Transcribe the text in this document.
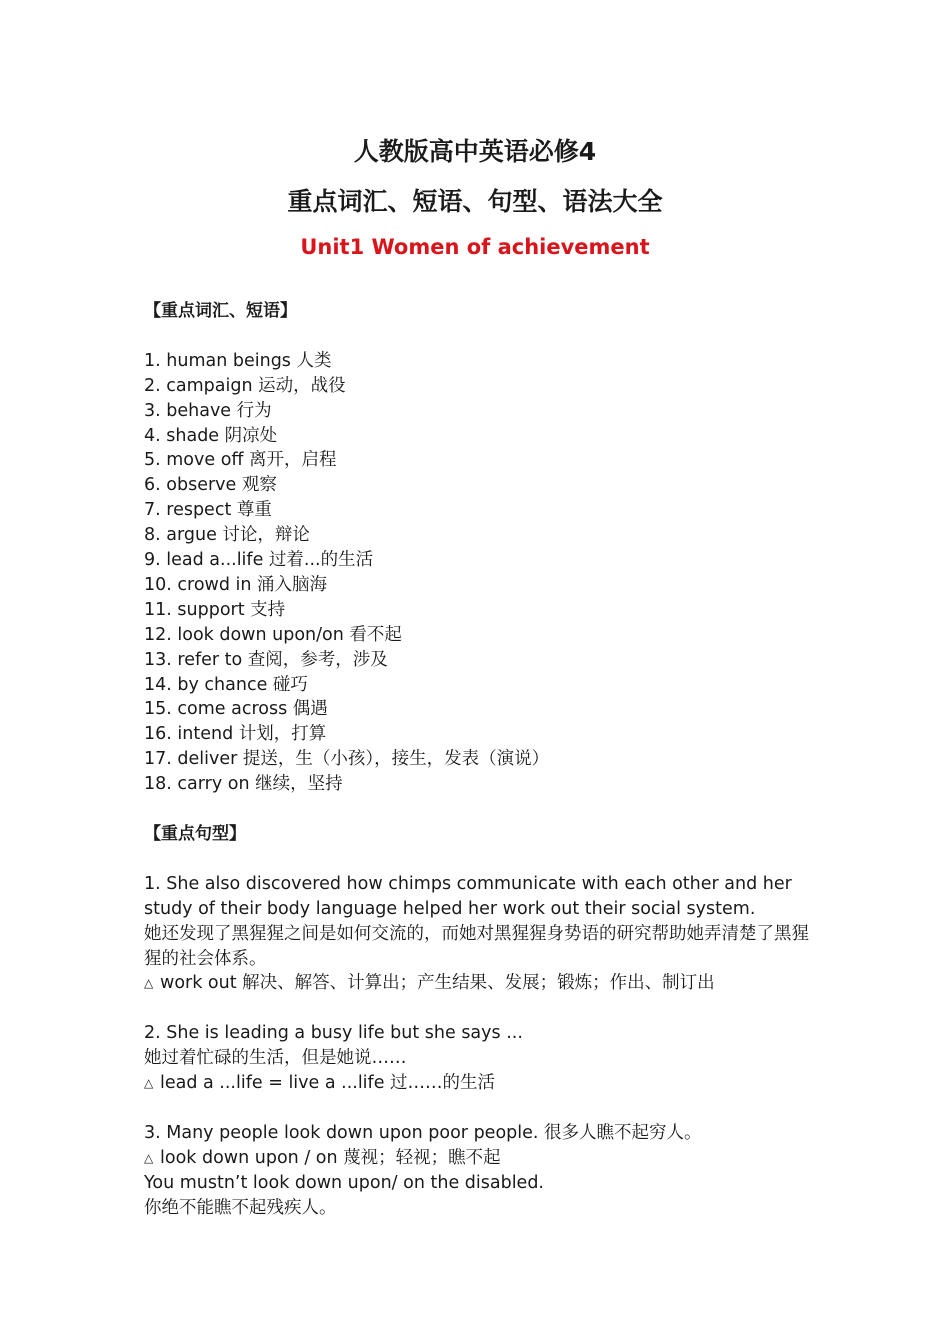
人教版高中英语必修4
重点词汇、短语、句型、语法大全
Unit1 Women of achievement
【重点词汇、短语】
1. human beings 人类
2. campaign 运动，战役
3. behave 行为
4. shade 阴凉处
5. move off 离开，启程
6. observe 观察
7. respect 尊重
8. argue 讨论，辩论
9. lead a...life 过着...的生活
10. crowd in 涌入脑海
11. support 支持
12. look down upon/on 看不起
13. refer to 查阅，参考，涉及
14. by chance 碰巧
15. come across 偶遇
16. intend 计划，打算
17. deliver 提送，生（小孩），接生，发表（演说）
18. carry on 继续，坚持
【重点句型】
1. She also discovered how chimps communicate with each other and her study of their body language helped her work out their social system.
她还发现了黑猩猩之间是如何交流的，而她对黑猩猩身势语的研究帮助她弄清楚了黑猩猩的社会体系。
△ work out 解决、解答、计算出；产生结果、发展；锻炼；作出、制订出
2. She is leading a busy life but she says ...
她过着忙碌的生活，但是她说……
△ lead a ...life = live a ...life 过……的生活
3. Many people look down upon poor people. 很多人瞧不起穷人。
△ look down upon / on 蔑视；轻视；瞧不起
You mustn’t look down upon/ on the disabled.
你绝不能瞧不起残疾人。
